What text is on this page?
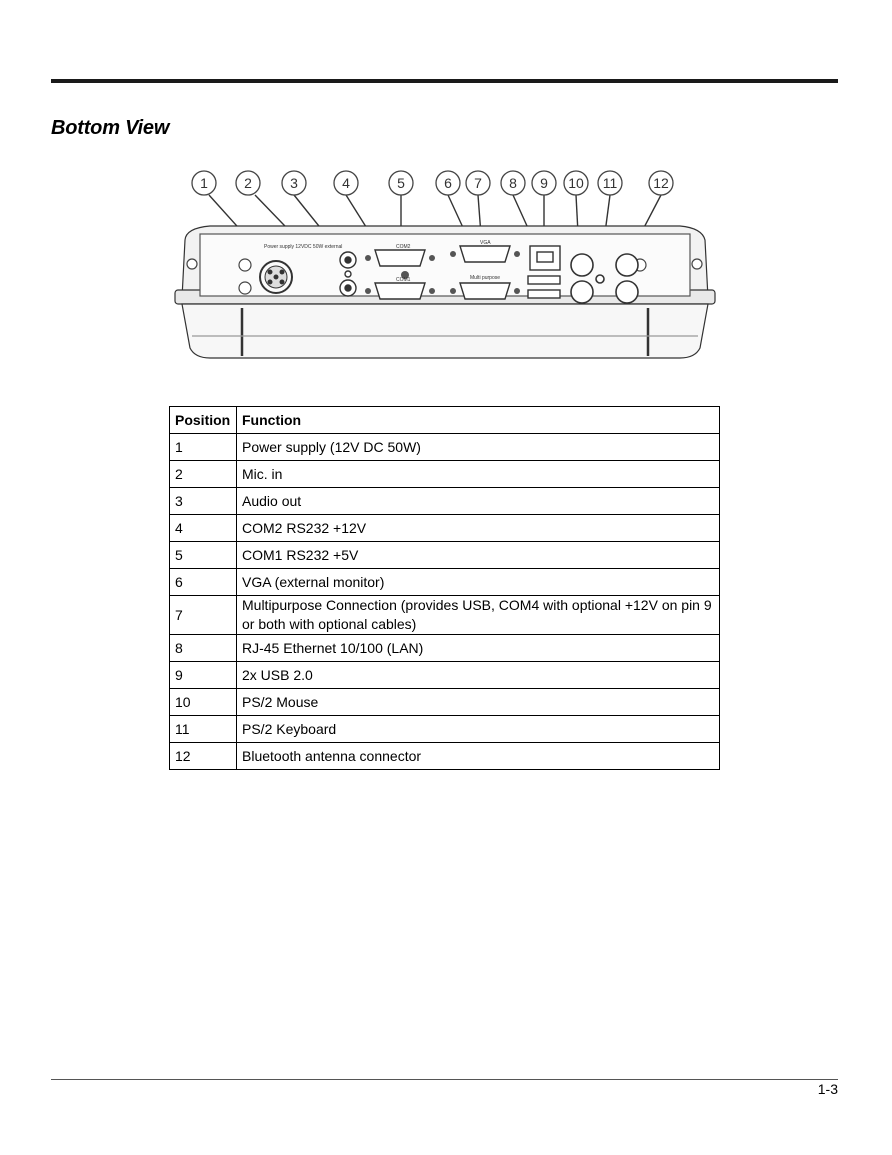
Bottom View
Power supply 12VDC 50W external	COM2
COM1
VGA
Multi purpose
1	2	3	4	5	6 7 8 9 10 11	12
Position	Function
1	Power supply (12V DC 50W)
2	Mic. in
3	Audio out
4	COM2 RS232 +12V
5	COM1 RS232 +5V
6	VGA (external monitor)
7	Multipurpose Connection (provides USB, COM4 with optional +12V on pin 9 or both with optional cables)
8	RJ-45 Ethernet 10/100 (LAN)
9	2x USB 2.0
10	PS/2 Mouse
11	PS/2 Keyboard
12	Bluetooth antenna connector
1-3
